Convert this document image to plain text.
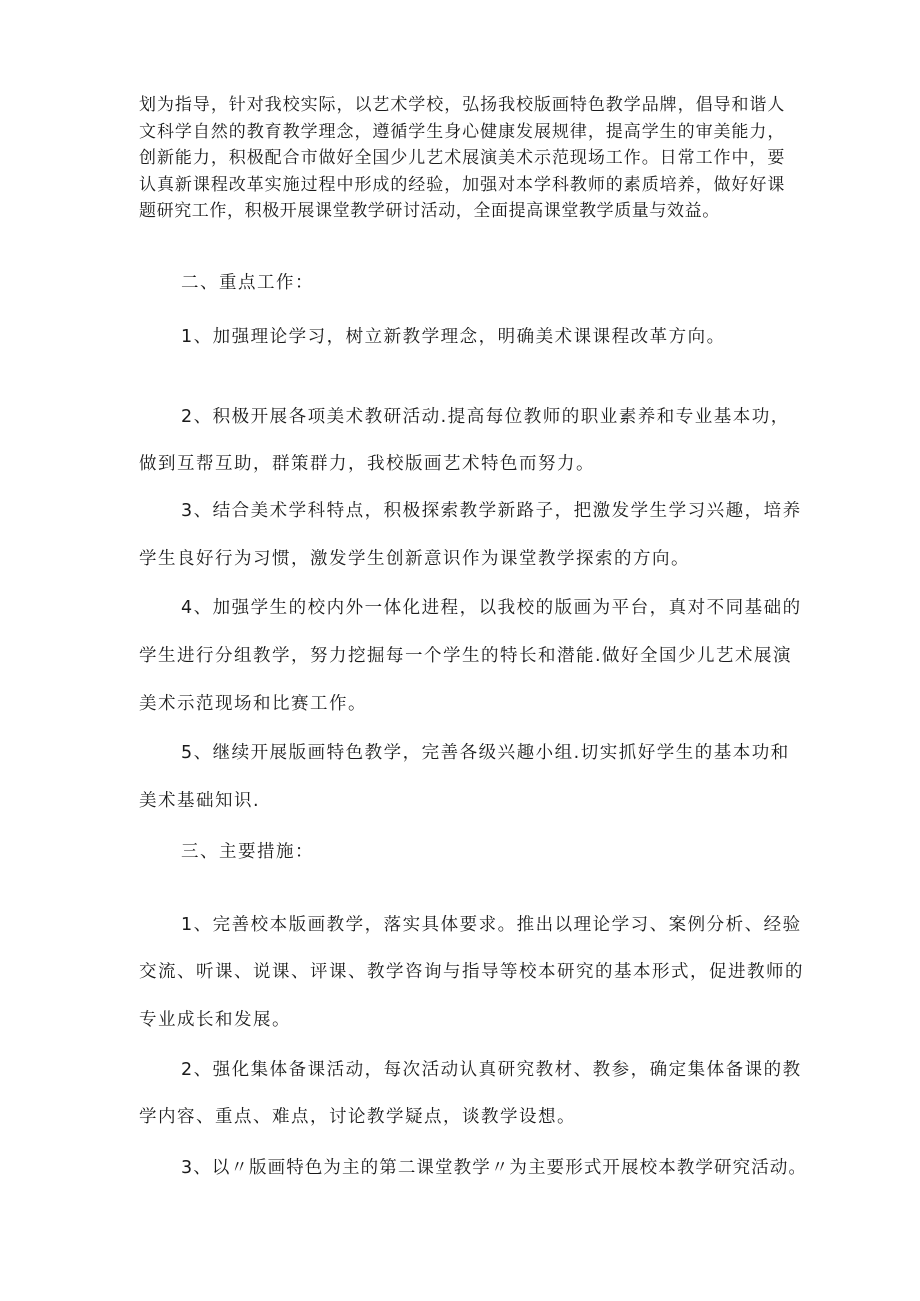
划为指导，针对我校实际，以艺术学校，弘扬我校版画特色教学品牌，倡导和谐人文科学自然的教育教学理念，遵循学生身心健康发展规律，提高学生的审美能力，创新能力，积极配合市做好全国少儿艺术展演美术示范现场工作。日常工作中，要认真新课程改革实施过程中形成的经验，加强对本学科教师的素质培养，做好好课题研究工作，积极开展课堂教学研讨活动，全面提高课堂教学质量与效益。

二、重点工作：

1、加强理论学习，树立新教学理念，明确美术课课程改革方向。

2、积极开展各项美术教研活动.提高每位教师的职业素养和专业基本功，

做到互帮互助，群策群力，我校版画艺术特色而努力。

3、结合美术学科特点，积极探索教学新路子，把激发学生学习兴趣，培养

学生良好行为习惯，激发学生创新意识作为课堂教学探索的方向。

4、加强学生的校内外一体化进程，以我校的版画为平台，真对不同基础的

学生进行分组教学，努力挖掘每一个学生的特长和潜能.做好全国少儿艺术展演

美术示范现场和比赛工作。

5、继续开展版画特色教学，完善各级兴趣小组.切实抓好学生的基本功和

美术基础知识.

三、主要措施：

1、完善校本版画教学，落实具体要求。推出以理论学习、案例分析、经验

交流、听课、说课、评课、教学咨询与指导等校本研究的基本形式，促进教师的

专业成长和发展。

2、强化集体备课活动，每次活动认真研究教材、教参，确定集体备课的教

学内容、重点、难点，讨论教学疑点，谈教学设想。

3、以〃版画特色为主的第二课堂教学〃为主要形式开展校本教学研究活动。
